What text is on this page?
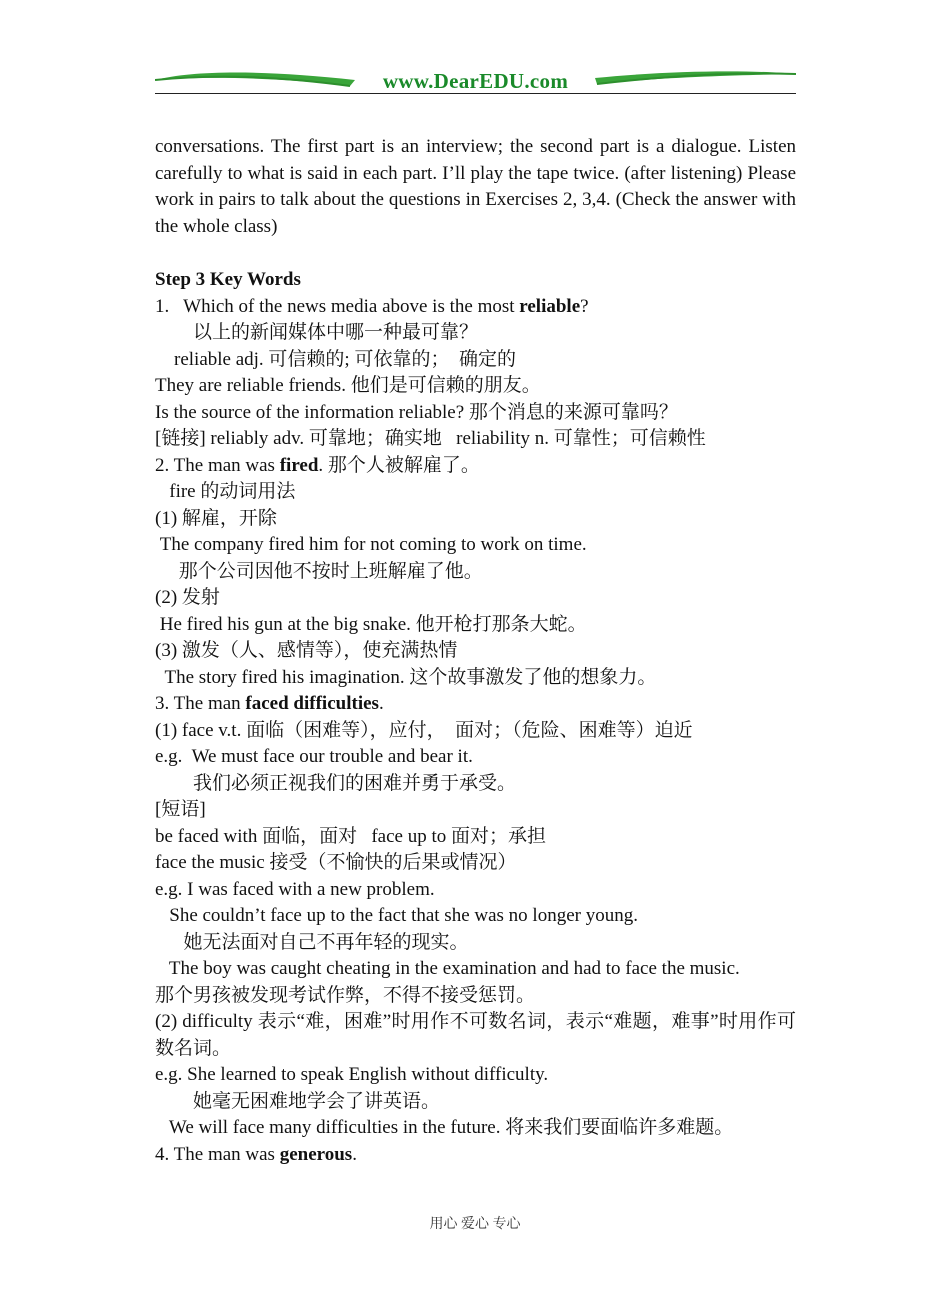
www.DearEDU.com

conversations. The first part is an interview; the second part is a dialogue. Listen carefully to what is said in each part. I’ll play the tape twice. (after listening) Please work in pairs to talk about the questions in Exercises 2, 3,4. (Check the answer with the whole class)

Step 3 Key Words

1.   Which of the news media above is the most reliable?

以上的新闻媒体中哪一种最可靠？

reliable adj. 可信赖的; 可依靠的；  确定的

They are reliable friends. 他们是可信赖的朋友。

Is the source of the information reliable? 那个消息的来源可靠吗？

[链接] reliably adv. 可靠地；确实地   reliability n. 可靠性；可信赖性

2. The man was fired. 那个人被解雇了。

fire 的动词用法

(1) 解雇，开除

The company fired him for not coming to work on time.

那个公司因他不按时上班解雇了他。

(2) 发射

He fired his gun at the big snake. 他开枪打那条大蛇。

(3) 激发（人、感情等），使充满热情

The story fired his imagination. 这个故事激发了他的想象力。

3. The man faced difficulties.

(1) face v.t. 面临（困难等），应付，  面对；（危险、困难等）迫近

e.g.  We must face our trouble and bear it.

我们必须正视我们的困难并勇于承受。

[短语]

be faced with 面临，面对   face up to 面对；承担

face the music 接受（不愉快的后果或情况）

e.g. I was faced with a new problem.

She couldn’t face up to the fact that she was no longer young.

她无法面对自己不再年轻的现实。

The boy was caught cheating in the examination and had to face the music.

那个男孩被发现考试作弊，不得不接受惩罚。

(2) difficulty 表示“难，困难”时用作不可数名词，表示“难题，难事”时用作可数名词。

e.g. She learned to speak English without difficulty.

她毫无困难地学会了讲英语。

We will face many difficulties in the future. 将来我们要面临许多难题。

4. The man was generous.

用心 爱心 专心
